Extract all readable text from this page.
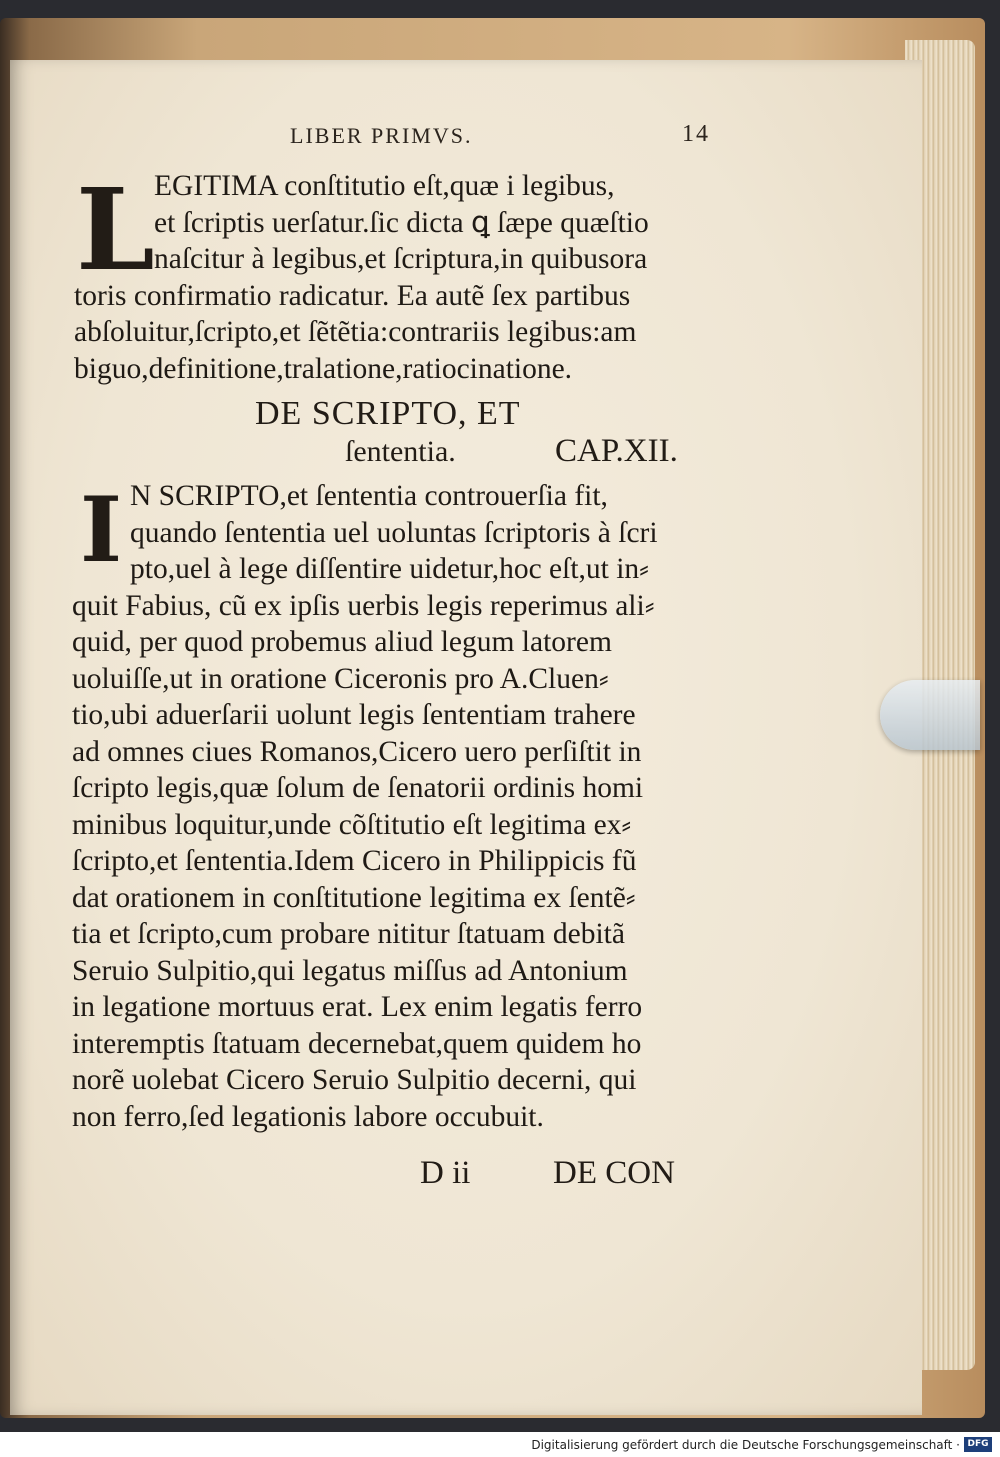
LIBER PRIMVS.	14
L EGITIMA conſtitutio eſt,quæ i legibus,
et ſcriptis uerſatur.ſic dicta ꝗ ſæpe quæſtio
naſcitur à legibus,et ſcriptura,in quibusora
toris confirmatio radicatur. Ea autẽ ſex partibus
abſoluitur,ſcripto,et ſẽtẽtia:contrariis legibus:am
biguo,definitione,tralatione,ratiocinatione.
DE SCRIPTO, ET
ſententia.	CAP.XII.
I N SCRIPTO,et ſententia controuerſia fit,
quando ſententia uel uoluntas ſcriptoris à ſcri
pto,uel à lege diſſentire uidetur,hoc eſt,ut in⸗
quit Fabius, cũ ex ipſis uerbis legis reperimus ali⸗
quid, per quod probemus aliud legum latorem
uoluiſſe,ut in oratione Ciceronis pro A.Cluen⸗
tio,ubi aduerſarii uolunt legis ſententiam trahere
ad omnes ciues Romanos,Cicero uero perſiſtit in
ſcripto legis,quæ ſolum de ſenatorii ordinis homi
minibus loquitur,unde cõſtitutio eſt legitima ex⸗
ſcripto,et ſententia.Idem Cicero in Philippicis fũ
dat orationem in conſtitutione legitima ex ſentẽ⸗
tia et ſcripto,cum probare nititur ſtatuam debitã
Seruio Sulpitio,qui legatus miſſus ad Antonium
in legatione mortuus erat. Lex enim legatis ferro
interemptis ſtatuam decernebat,quem quidem ho
norẽ uolebat Cicero Seruio Sulpitio decerni, qui
non ferro,ſed legationis labore occubuit.
D ii	DE CON
Digitalisierung gefördert durch die Deutsche Forschungsgemeinschaft · DFG
